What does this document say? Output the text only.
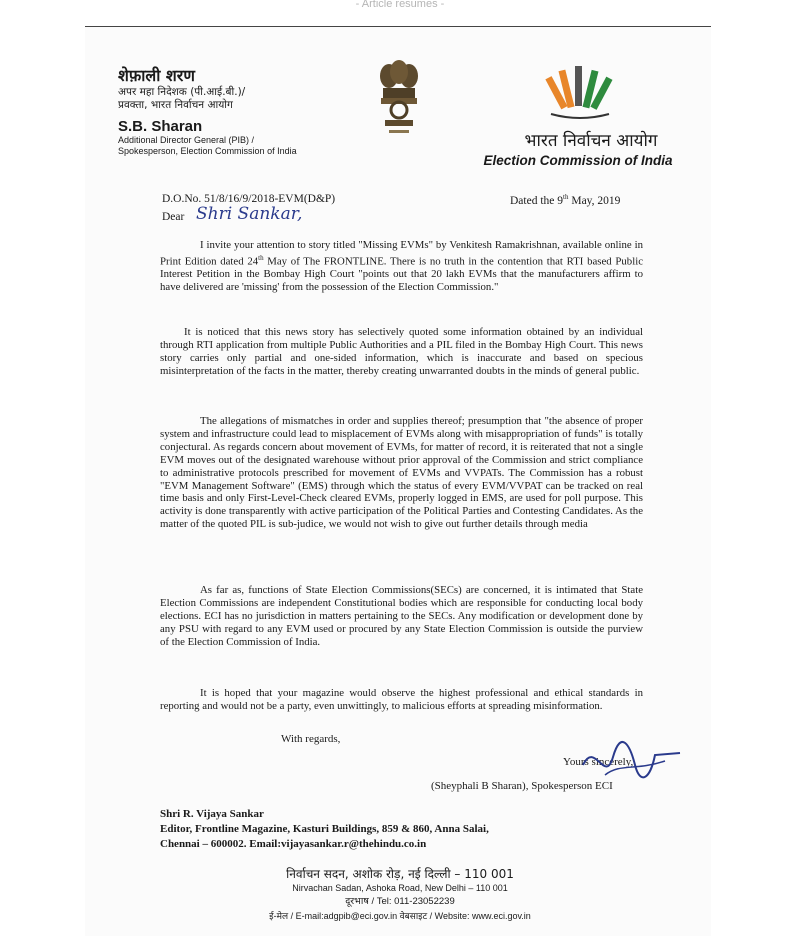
- Article resumes -
शेफ़ाली शरण
अपर महा निदेशक (पी.आई.बी.)/
प्रवक्ता, भारत निर्वाचन आयोग
S.B. Sharan
Additional Director General (PIB) /
Spokesperson, Election Commission of India	भारत निर्वाचन आयोग
Election Commission of India
D.O.No. 51/8/16/9/2018-EVM(D&P)	Dated the 9th May, 2019
Dear Shri Sankar,

I invite your attention to story titled "Missing EVMs" by Venkitesh Ramakrishnan, available online in Print Edition dated 24th May of The FRONTLINE. There is no truth in the contention that RTI based Public Interest Petition in the Bombay High Court "points out that 20 lakh EVMs that the manufacturers affirm to have delivered are 'missing' from the possession of the Election Commission."

It is noticed that this news story has selectively quoted some information obtained by an individual through RTI application from multiple Public Authorities and a PIL filed in the Bombay High Court. This news story carries only partial and one-sided information, which is inaccurate and based on specious misinterpretation of the facts in the matter, thereby creating unwarranted doubts in the minds of general public.

The allegations of mismatches in order and supplies thereof; presumption that "the absence of proper system and infrastructure could lead to misplacement of EVMs along with misappropriation of funds" is totally conjectural. As regards concern about movement of EVMs, for matter of record, it is reiterated that not a single EVM moves out of the designated warehouse without prior approval of the Commission and strict compliance to administrative protocols prescribed for movement of EVMs and VVPATs. The Commission has a robust "EVM Management Software" (EMS) through which the status of every EVM/VVPAT can be tracked on real time basis and only First-Level-Check cleared EVMs, properly logged in EMS, are used for poll purpose. This activity is done transparently with active participation of the Political Parties and Contesting Candidates. As the matter of the quoted PIL is sub-judice, we would not wish to give out further details through media

As far as, functions of State Election Commissions(SECs) are concerned, it is intimated that State Election Commissions are independent Constitutional bodies which are responsible for conducting local body elections. ECI has no jurisdiction in matters pertaining to the SECs. Any modification or development done by any PSU with regard to any EVM used or procured by any State Election Commission is outside the purview of the Election Commission of India.

It is hoped that your magazine would observe the highest professional and ethical standards in reporting and would not be a party, even unwittingly, to malicious efforts at spreading misinformation.

With regards,
Yours sincerely,
(Sheyphali B Sharan), Spokesperson ECI
Shri R. Vijaya Sankar
Editor, Frontline Magazine, Kasturi Buildings, 859 & 860, Anna Salai,
Chennai – 600002. Email:vijayasankar.r@thehindu.co.in
निर्वाचन सदन, अशोक रोड़, नई दिल्ली – 110 001
Nirvachan Sadan, Ashoka Road, New Delhi – 110 001
दूरभाष / Tel: 011-23052239
ई-मेल / E-mail:adgpib@eci.gov.in वेबसाइट / Website: www.eci.gov.in
